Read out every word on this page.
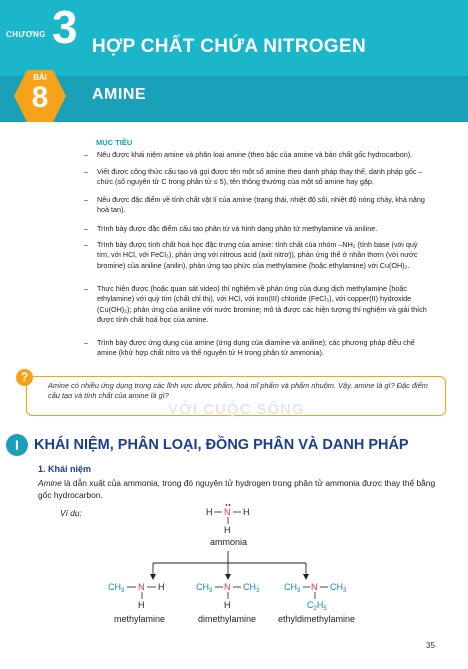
CHƯƠNG 3 HỢP CHẤT CHỨA NITROGEN
BÀI
8	AMINE
MỤC TIÊU
– Nêu được khái niệm amine và phân loại amine (theo bậc của amine và bản chất gốc hydrocarbon).
– Viết được công thức cấu tạo và gọi được tên một số amine theo danh pháp thay thế, danh pháp gốc – chức (số nguyên tử C trong phân tử ≤ 5), tên thông thường của một số amine hay gặp.
– Nêu được đặc điểm về tính chất vật lí của amine (trạng thái, nhiệt độ sôi, nhiệt độ nóng chảy, khả năng hoà tan).
– Trình bày được đặc điểm cấu tạo phân tử và hình dạng phân tử methylamine và aniline.
– Trình bày được tính chất hoá học đặc trưng của amine: tính chất của nhóm –NH₂ (tính base (với quỳ tím, với HCl, với FeCl₃), phản ứng với nitrous acid (axit nitrơ)), phản ứng thế ở nhân thơm (với nước bromine) của aniline (anilin), phản ứng tạo phức của methylamine (hoặc ethylamine) với Cu(OH)₂.
– Thực hiện được (hoặc quan sát video) thí nghiệm về phản ứng của dung dịch methylamine (hoặc ethylamine) với quỳ tím (chất chỉ thị), với HCl, với iron(III) chloride (FeCl₃), với copper(II) hydroxide (Cu(OH)₂); phản ứng của aniline với nước bromine; mô tả được các hiện tượng thí nghiệm và giải thích được tính chất hoá học của amine.
– Trình bày được ứng dụng của amine (ứng dụng của diamine và aniline); các phương pháp điều chế amine (khử hợp chất nitro và thế nguyên tử H trong phân tử ammonia).
?
Amine có nhiều ứng dụng trong các lĩnh vực dược phẩm, hoá mĩ phẩm và phẩm nhuộm. Vậy, amine là gì? Đặc điểm cấu tạo và tính chất của amine là gì?
VỚI CUỘC SỐNG
I	KHÁI NIỆM, PHÂN LOẠI, ĐỒNG PHÂN VÀ DANH PHÁP
1. Khái niệm
Amine là dẫn xuất của ammonia, trong đó nguyên tử hydrogen trong phân tử ammonia được thay thế bằng gốc hydrocarbon.
Ví dụ:	H N H
H
ammonia
$CH_3$ N H
H
methylamine
$CH_3$ N $CH_3$
H
dimethylamine
$CH_3$ N $CH_3$
$C_2H_5$
ethyldimethylamine
35
